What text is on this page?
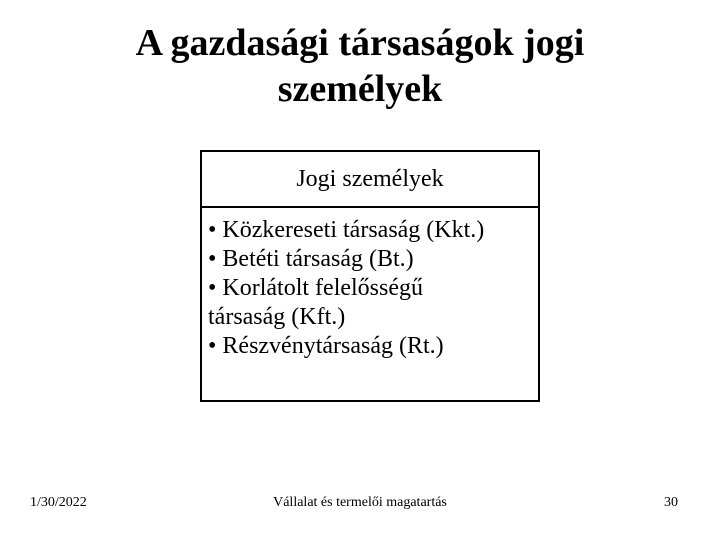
A gazdasági társaságok jogi
személyek
Jogi személyek
• Közkereseti társaság (Kkt.)
• Betéti társaság (Bt.)
• Korlátolt felelősségű
társaság (Kft.)
• Részvénytársaság (Rt.)
1/30/2022	Vállalat és termelői magatartás	30
